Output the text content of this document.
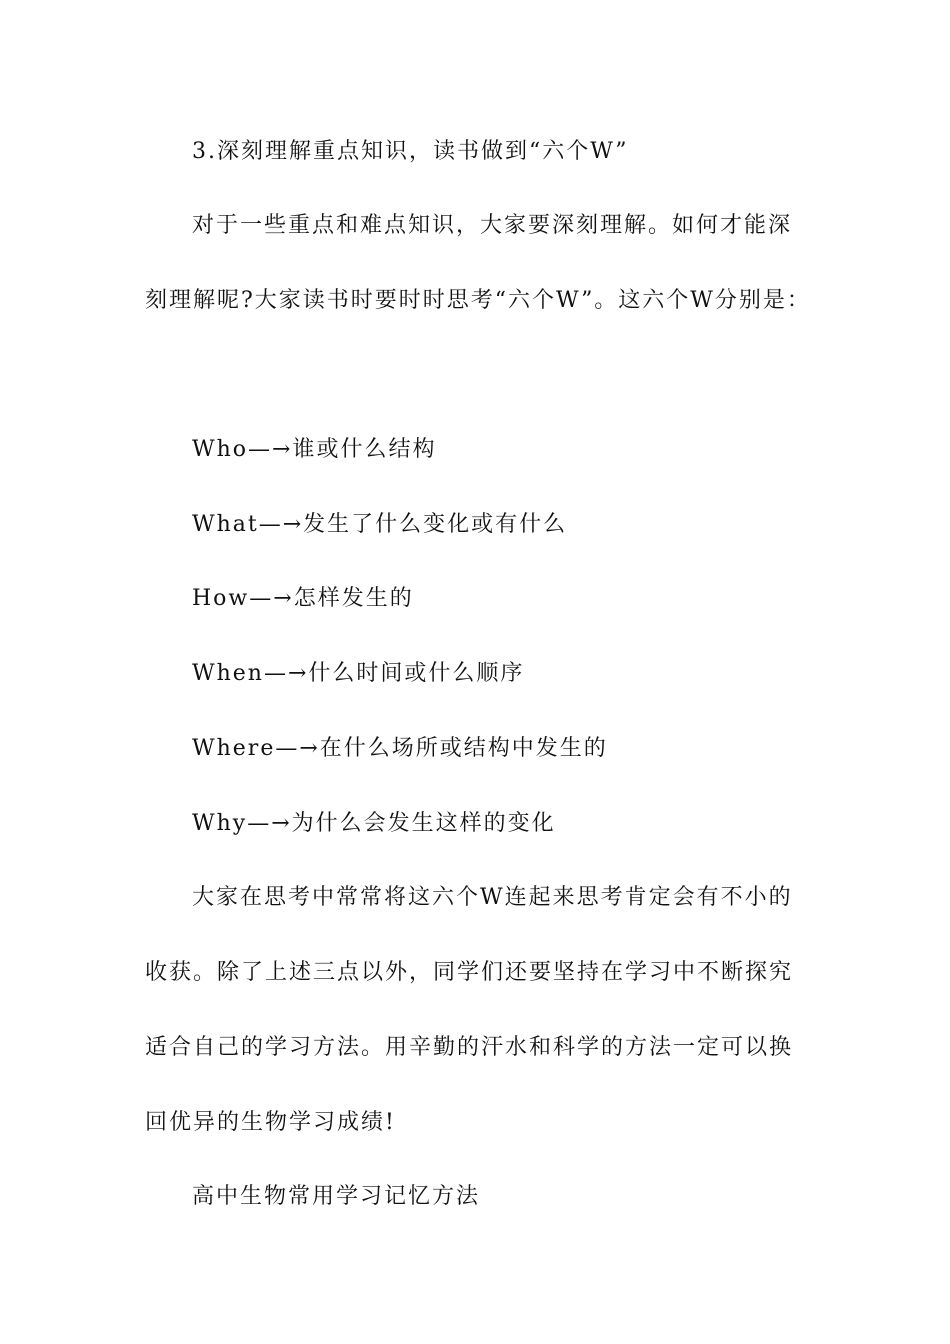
3.深刻理解重点知识，读书做到“六个W”
对于一些重点和难点知识，大家要深刻理解。如何才能深
刻理解呢?大家读书时要时时思考“六个W”。这六个W分别是：
Who—→谁或什么结构
What—→发生了什么变化或有什么
How—→怎样发生的
When—→什么时间或什么顺序
Where—→在什么场所或结构中发生的
Why—→为什么会发生这样的变化
大家在思考中常常将这六个W连起来思考肯定会有不小的
收获。除了上述三点以外，同学们还要坚持在学习中不断探究
适合自己的学习方法。用辛勤的汗水和科学的方法一定可以换
回优异的生物学习成绩!
高中生物常用学习记忆方法
